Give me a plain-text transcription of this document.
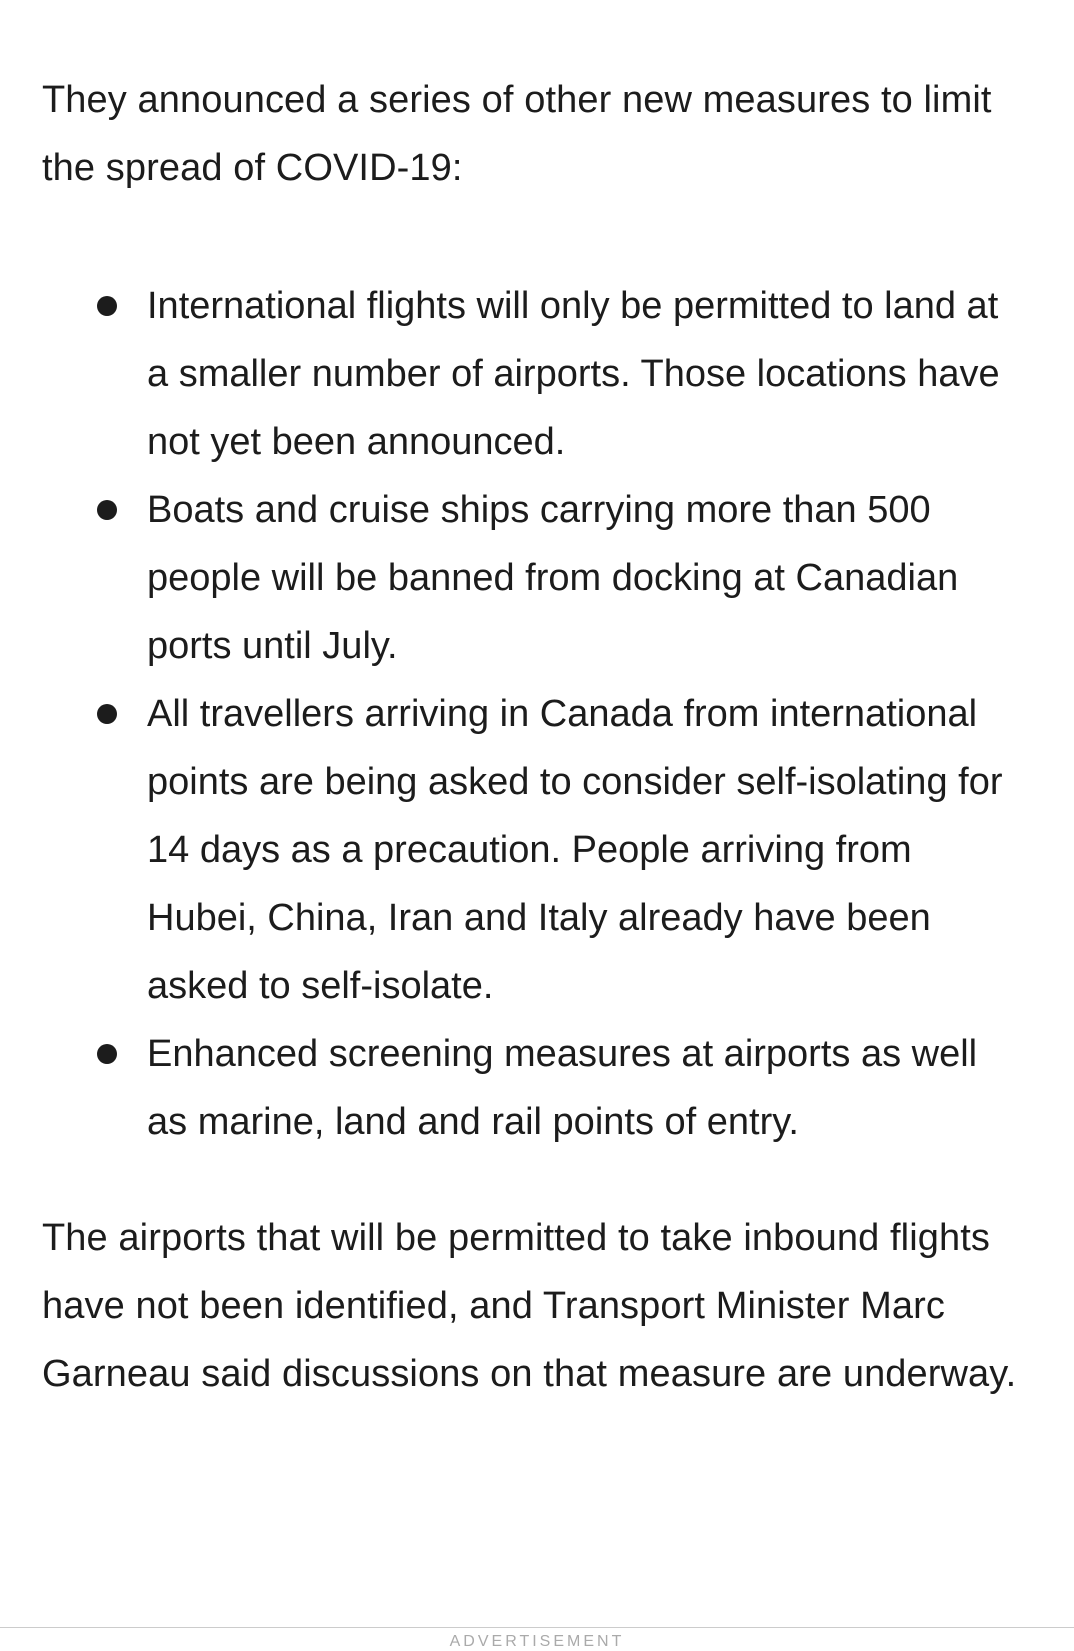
They announced a series of other new measures to limit the spread of COVID-19:

International flights will only be permitted to land at a smaller number of airports. Those locations have not yet been announced.
Boats and cruise ships carrying more than 500 people will be banned from docking at Canadian ports until July.
All travellers arriving in Canada from international points are being asked to consider self-isolating for 14 days as a precaution. People arriving from Hubei, China, Iran and Italy already have been asked to self-isolate.
Enhanced screening measures at airports as well as marine, land and rail points of entry.

The airports that will be permitted to take inbound flights have not been identified, and Transport Minister Marc Garneau said discussions on that measure are underway.

ADVERTISEMENT
